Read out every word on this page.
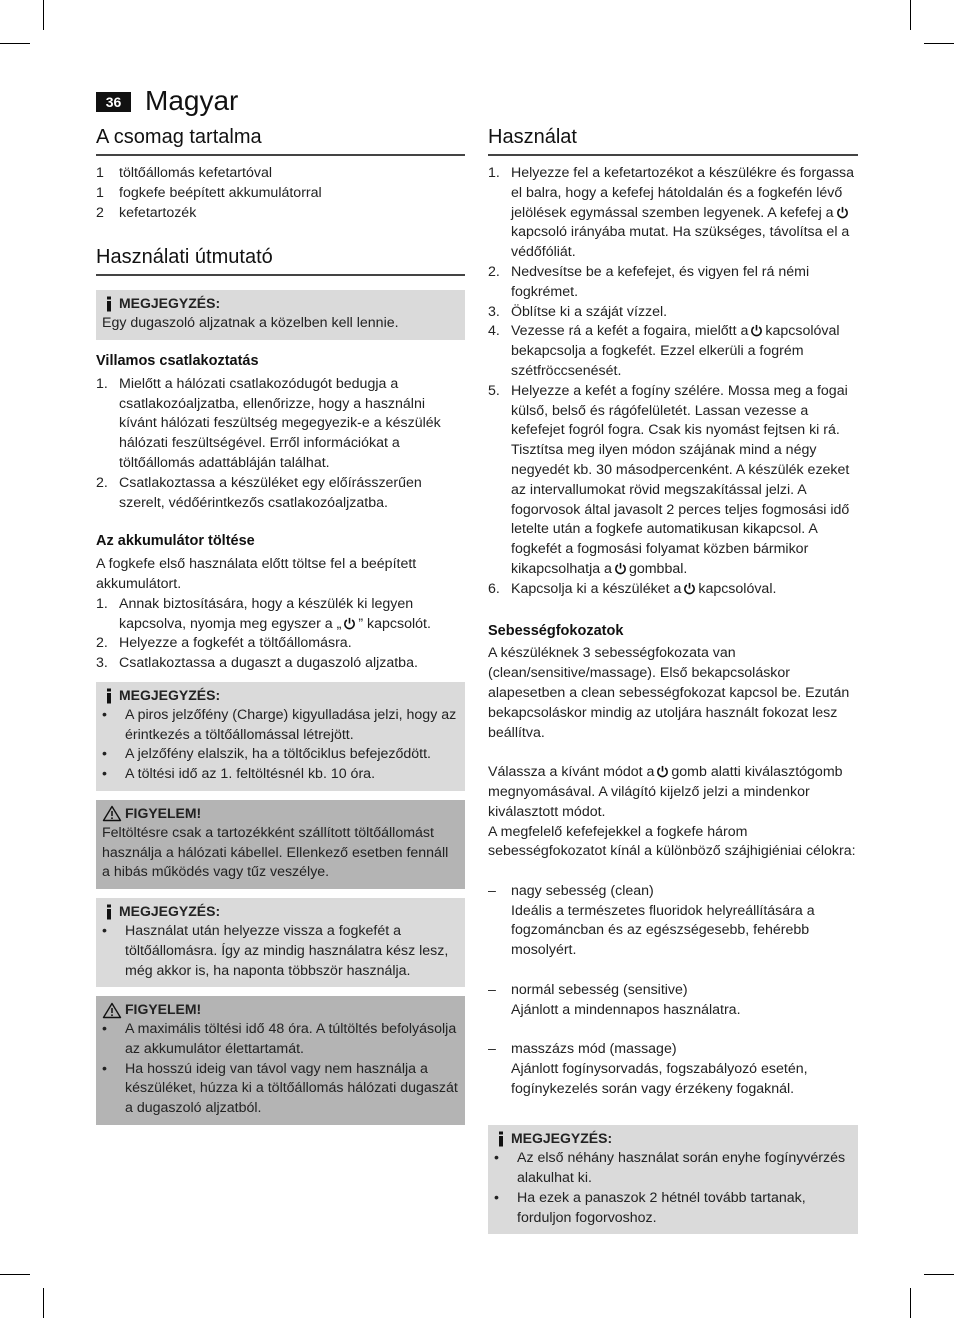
36 Magyar
A csomag tartalma
1	töltőállomás kefetartóval
1	fogkefe beépített akkumulátorral
2	kefetartozék
Használati útmutató
MEGJEGYZÉS:

Egy dugaszoló aljzatnak a közelben kell lennie.

Villamos csatlakoztatás
1. Mielőtt a hálózati csatlakozódugót bedugja a csatlakozóaljzatba, ellenőrizze, hogy a használni kívánt hálózati feszültség megegyezik-e a készülék hálózati feszültségével. Erről információkat a töltőállomás adattábláján találhat.
2. Csatlakoztassa a készüléket egy előírásszerűen szerelt, védőérintkezős csatlakozóaljzatba.
Az akkumulátor töltése

A fogkefe első használata előtt töltse fel a beépített akkumulátort.

1. Annak biztosítására, hogy a készülék ki legyen kapcsolva, nyomja meg egyszer a „ ” kapcsolót.
2. Helyezze a fogkefét a töltőállomásra.
3. Csatlakoztassa a dugaszt a dugaszoló aljzatba.
MEGJEGYZÉS:
•	A piros jelzőfény (Charge) kigyulladása jelzi, hogy az érintkezés a töltőállomással létrejött.
•	A jelzőfény elalszik, ha a töltőciklus befejeződött.
•	A töltési idő az 1. feltöltésnél kb. 10 óra.
FIGYELEM!

Feltöltésre csak a tartozékként szállított töltőállomást használja a hálózati kábellel. Ellenkező esetben fennáll a hibás működés vagy tűz veszélye.

MEGJEGYZÉS:
•	Használat után helyezze vissza a fogkefét a töltőállomásra. Így az mindig használatra kész lesz, még akkor is, ha naponta többször használja.
FIGYELEM!
•	A maximális töltési idő 48 óra. A túltöltés befolyásolja az akkumulátor élettartamát.
•	Ha hosszú ideig van távol vagy nem használja a készüléket, húzza ki a töltőállomás hálózati dugaszát a dugaszoló aljzatból.
Használat
1. Helyezze fel a kefetartozékot a készülékre és forgassa el balra, hogy a kefefej hátoldalán és a fogkefén lévő jelölések egymással szemben legyenek. A kefefej akapcsoló irányába mutat. Ha szükséges, távolítsa el a védőfóliát.
2. Nedvesítse be a kefefejet, és vigyen fel rá némi fogkrémet.
3. Öblítse ki a száját vízzel.
4. Vezesse rá a kefét a fogaira, mielőtt a kapcsolóval bekapcsolja a fogkefét. Ezzel elkerüli a fogrém szétfröccsenését.
5. Helyezze a kefét a fogíny szélére. Mossa meg a fogai külső, belső és rágófelületét. Lassan vezesse a kefefejet fogról fogra. Csak kis nyomást fejtsen ki rá. Tisztítsa meg ilyen módon szájának mind a négy negyedét kb. 30 másodpercenként. A készülék ezeket az intervallumokat rövid megszakítással jelzi. A fogorvosok által javasolt 2 perces teljes fogmosási idő letelte után a fogkefe automatikusan kikapcsol. A fogkefét a fogmosási folyamat közben bármikor kikapcsolhatja a gombbal.
6. Kapcsolja ki a készüléket a kapcsolóval.
Sebességfokozatok

A készüléknek 3 sebességfokozata van (clean/sensitive/massage). Első bekapcsoláskor alapesetben a clean sebességfokozat kapcsol be. Ezután bekapcsoláskor mindig az utoljára használt fokozat lesz beállítva.

Válassza a kívánt módot a gomb alatti kiválasztógomb megnyomásával. A világító kijelző jelzi a mindenkor kiválasztott módot.

A megfelelő kefefejekkel a fogkefe három sebességfokozatot kínál a különböző szájhigiéniai célokra:

–	nagy sebesség (clean)
Ideális a természetes fluoridok helyreállítására a fogzománcban és az egészségesebb, fehérebb mosolyért.
–	normál sebesség (sensitive)
Ajánlott a mindennapos használatra.
–	masszázs mód (massage)
Ajánlott fogínysorvadás, fogszabályozó esetén, fogínykezelés során vagy érzékeny fogaknál.
MEGJEGYZÉS:
•	Az első néhány használat során enyhe fogínyvérzés alakulhat ki.
•	Ha ezek a panaszok 2 hétnél tovább tartanak, forduljon fogorvoshoz.
